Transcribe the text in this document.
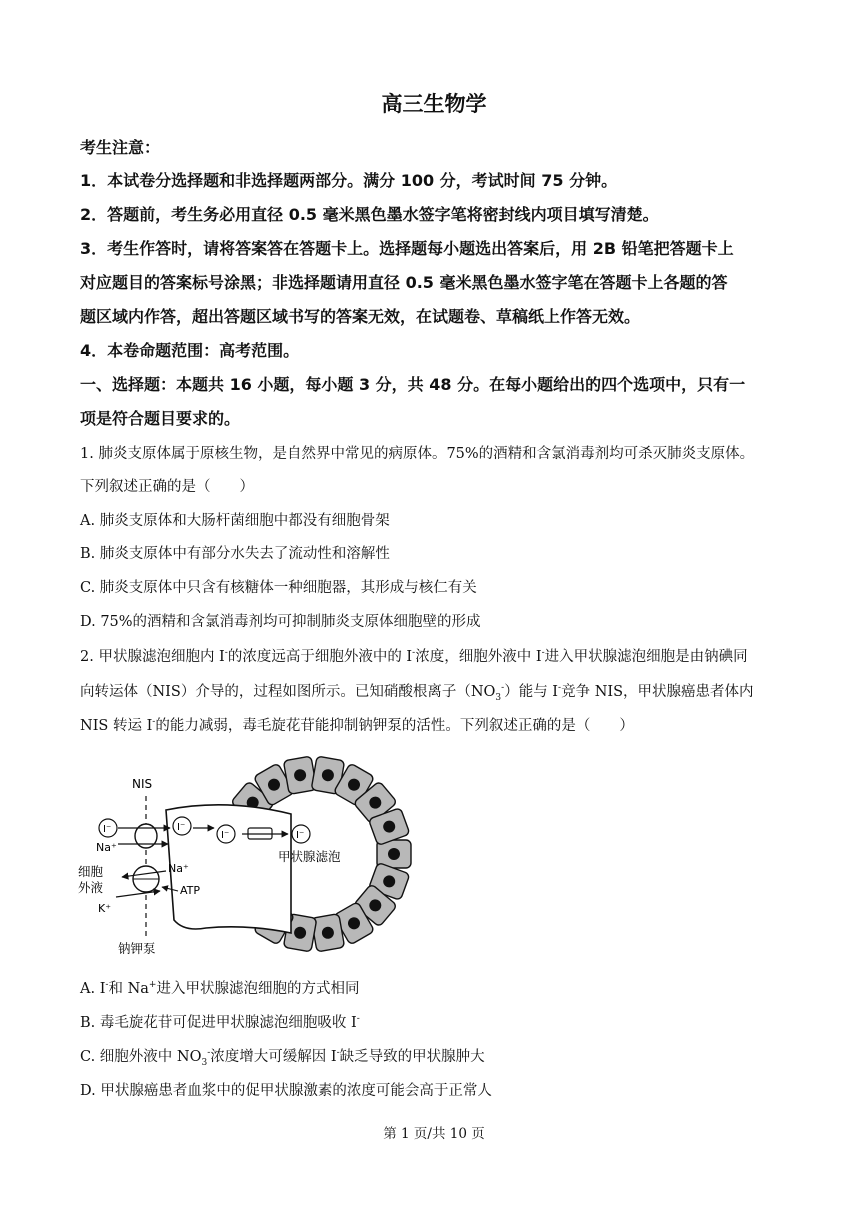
高三生物学
考生注意：
1．本试卷分选择题和非选择题两部分。满分 100 分，考试时间 75 分钟。
2．答题前，考生务必用直径 0.5 毫米黑色墨水签字笔将密封线内项目填写清楚。
3．考生作答时，请将答案答在答题卡上。选择题每小题选出答案后，用 2B 铅笔把答题卡上
对应题目的答案标号涂黑；非选择题请用直径 0.5 毫米黑色墨水签字笔在答题卡上各题的答
题区域内作答，超出答题区域书写的答案无效，在试题卷、草稿纸上作答无效。
4．本卷命题范围：高考范围。
一、选择题：本题共 16 小题，每小题 3 分，共 48 分。在每小题给出的四个选项中，只有一
项是符合题目要求的。
1. 肺炎支原体属于原核生物，是自然界中常见的病原体。75%的酒精和含氯消毒剂均可杀灭肺炎支原体。
下列叙述正确的是（　　）
A. 肺炎支原体和大肠杆菌细胞中都没有细胞骨架
B. 肺炎支原体中有部分水失去了流动性和溶解性
C. 肺炎支原体中只含有核糖体一种细胞器，其形成与核仁有关
D. 75%的酒精和含氯消毒剂均可抑制肺炎支原体细胞壁的形成
2. 甲状腺滤泡细胞内 I-的浓度远高于细胞外液中的 I-浓度，细胞外液中 I-进入甲状腺滤泡细胞是由钠碘同
向转运体（NIS）介导的，过程如图所示。已知硝酸根离子$(NO_3^-)$能与 I-竞争 NIS，甲状腺癌患者体内
NIS 转运 I-的能力减弱，毒毛旋花苷能抑制钠钾泵的活性。下列叙述正确的是（　　）
NIS
I⁻
Na⁺
I⁻
I⁻	I⁻
甲状腺滤泡
Na⁺
ATP
细胞
外液
K⁺
钠钾泵
A. I-和 Na+进入甲状腺滤泡细胞的方式相同
B. 毒毛旋花苷可促进甲状腺滤泡细胞吸收 I-
C. 细胞外液中 $NO_3^-$浓度增大可缓解因 I-缺乏导致的甲状腺肿大
D. 甲状腺癌患者血浆中的促甲状腺激素的浓度可能会高于正常人
第 1 页/共 10 页
